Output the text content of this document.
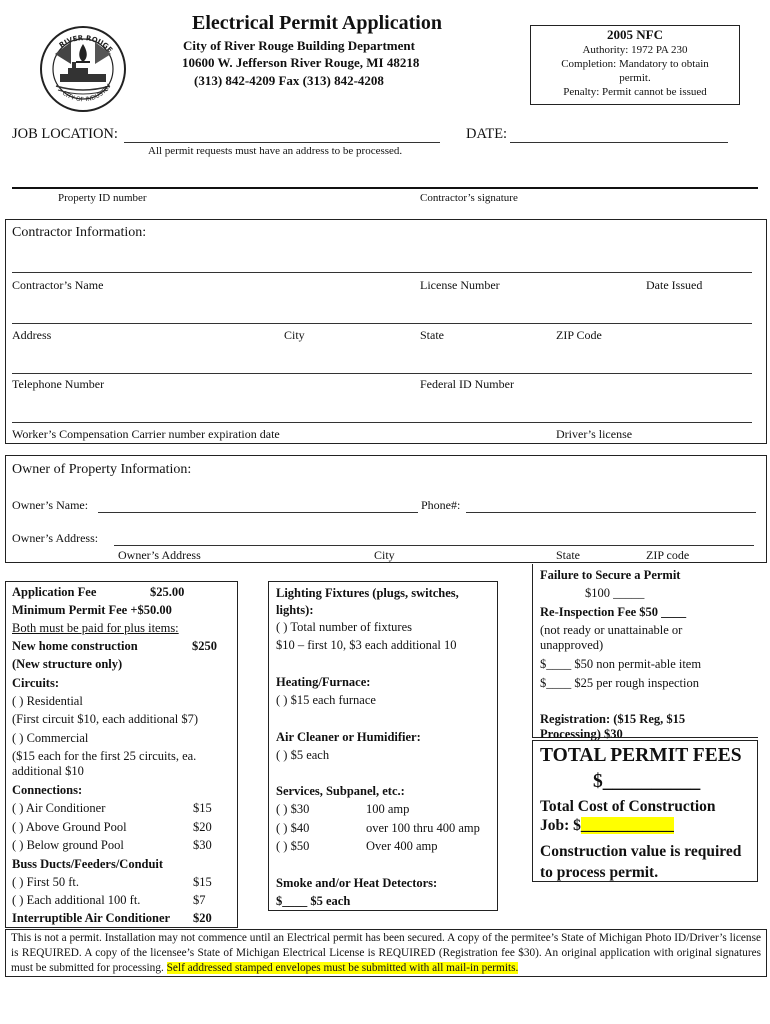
RIVER ROUGE
CITY OF INDUSTRY
Electrical Permit Application
City of River Rouge Building Department
10600 W. Jefferson River Rouge, MI 48218
(313) 842-4209 Fax (313) 842-4208
2005 NFC
Authority: 1972 PA 230
Completion: Mandatory to obtain permit.
Penalty: Permit cannot be issued
JOB LOCATION:	DATE:
All permit requests must have an address to be processed.
Property ID number	Contractor’s signature
Contractor Information:
Contractor’s Name	License Number	Date Issued
Address	City	State	ZIP Code
Telephone Number	Federal ID Number
Worker’s Compensation Carrier number expiration date	Driver’s license
Owner of Property Information:
Owner’s Name:	Phone#:
Owner’s Address:
Owner’s Address	City	State	ZIP code
Application Fee	$25.00
Minimum Permit Fee +$50.00
Both must be paid for plus items:
New home construction	$250
(New structure only)
Circuits:
( ) Residential
(First circuit $10, each additional $7)
( ) Commercial
($15 each for the first 25 circuits, ea. additional $10
Connections:
( ) Air Conditioner	$15
( ) Above Ground Pool	$20
( ) Below ground Pool	$30
Buss Ducts/Feeders/Conduit
( ) First 50 ft.	$15
( ) Each additional 100 ft.	$7
Interruptible Air Conditioner $20
Lighting Fixtures (plugs, switches, lights):
( ) Total number of fixtures
$10 – first 10, $3 each additional 10
Heating/Furnace:
( ) $15 each furnace
Air Cleaner or Humidifier:
( ) $5 each
Services, Subpanel, etc.:
( ) $30	100 amp
( ) $40	over 100 thru 400 amp
( ) $50	Over 400 amp
Smoke and/or Heat Detectors:
$____ $5 each
Failure to Secure a Permit
$100 _____
Re-Inspection Fee $50 ____
(not ready or unattainable or unapproved)
$____ $50 non permit-able item
$____ $25 per rough inspection
Registration: ($15 Reg, $15 Processing) $30
TOTAL PERMIT FEES
$__________
Total Cost of Construction
Job: $____________
Construction value is required to process permit.
This is not a permit. Installation may not commence until an Electrical permit has been secured. A copy of the permitee’s State of Michigan Photo ID/Driver’s license is REQUIRED. A copy of the licensee’s State of Michigan Electrical License is REQUIRED (Registration fee $30). An original application with original signatures must be submitted for processing. Self addressed stamped envelopes must be submitted with all mail-in permits.
